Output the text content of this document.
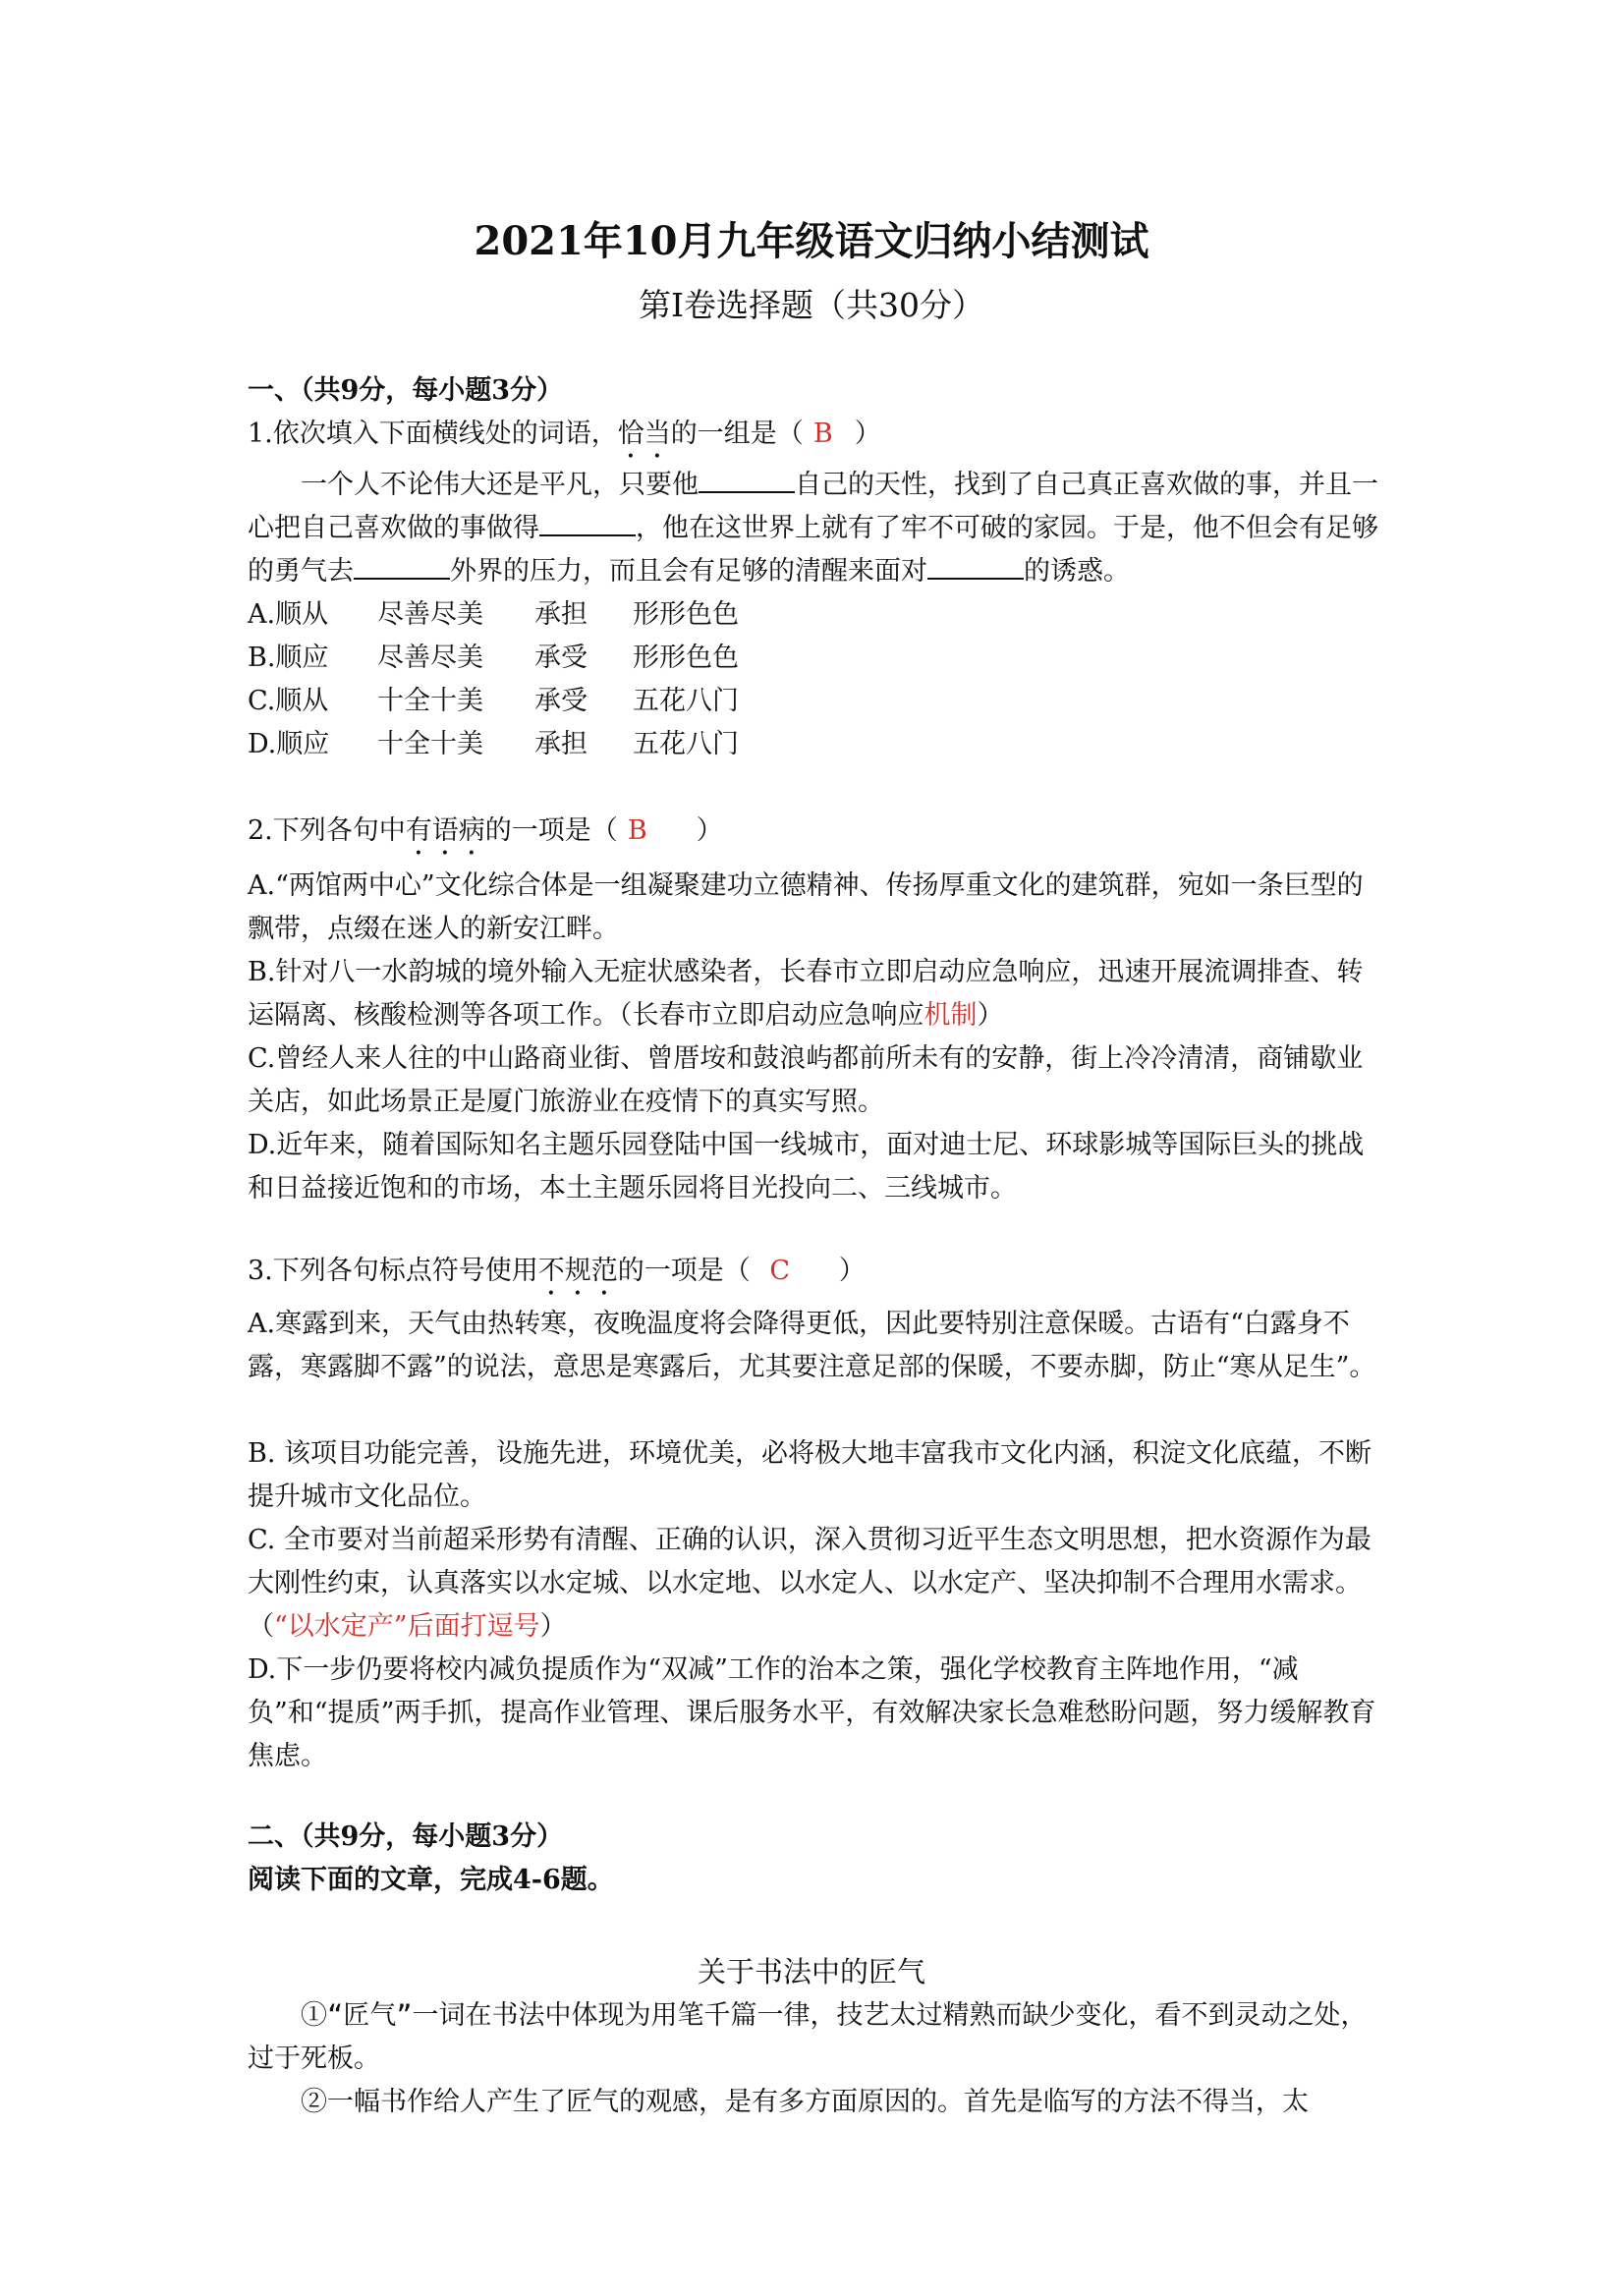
2021年10月九年级语文归纳小结测试
第Ⅰ卷选择题（共30分）
一、（共9分，每小题3分）
1.依次填入下面横线处的词语，恰当的一组是（ B ）
一个人不论伟大还是平凡，只要他	自己的天性，找到了自己真正喜欢做的事，并且一心把自己喜欢做的事做得	，他在这世界上就有了牢不可破的家园。于是，他不但会有足够的勇气去	外界的压力，而且会有足够的清醒来面对	的诱惑。
A.顺从	尽善尽美	承担	形形色色
B.顺应	尽善尽美	承受	形形色色
C.顺从	十全十美	承受	五花八门
D.顺应	十全十美	承担	五花八门
2.下列各句中有语病的一项是（ B ）
A.“两馆两中心”文化综合体是一组凝聚建功立德精神、传扬厚重文化的建筑群，宛如一条巨型的飘带，点缀在迷人的新安江畔。
B.针对八一水韵城的境外输入无症状感染者，长春市立即启动应急响应，迅速开展流调排查、转运隔离、核酸检测等各项工作。（长春市立即启动应急响应机制）
C.曾经人来人往的中山路商业街、曾厝垵和鼓浪屿都前所未有的安静，街上冷冷清清，商铺歇业关店，如此场景正是厦门旅游业在疫情下的真实写照。
D.近年来，随着国际知名主题乐园登陆中国一线城市，面对迪士尼、环球影城等国际巨头的挑战和日益接近饱和的市场，本土主题乐园将目光投向二、三线城市。
3.下列各句标点符号使用不规范的一项是（ C ）
A.寒露到来，天气由热转寒，夜晚温度将会降得更低，因此要特别注意保暖。古语有“白露身不露，寒露脚不露”的说法，意思是寒露后，尤其要注意足部的保暖，不要赤脚，防止“寒从足生”。
B. 该项目功能完善，设施先进，环境优美，必将极大地丰富我市文化内涵，积淀文化底蕴，不断提升城市文化品位。
C. 全市要对当前超采形势有清醒、正确的认识，深入贯彻习近平生态文明思想，把水资源作为最大刚性约束，认真落实以水定城、以水定地、以水定人、以水定产、坚决抑制不合理用水需求。（“以水定产”后面打逗号）
D.下一步仍要将校内减负提质作为“双减”工作的治本之策，强化学校教育主阵地作用，“减负”和“提质”两手抓，提高作业管理、课后服务水平，有效解决家长急难愁盼问题，努力缓解教育焦虑。
二、（共9分，每小题3分）
阅读下面的文章，完成4-6题。
关于书法中的匠气
①“匠气”一词在书法中体现为用笔千篇一律，技艺太过精熟而缺少变化，看不到灵动之处，过于死板。
②一幅书作给人产生了匠气的观感，是有多方面原因的。首先是临写的方法不得当，太
